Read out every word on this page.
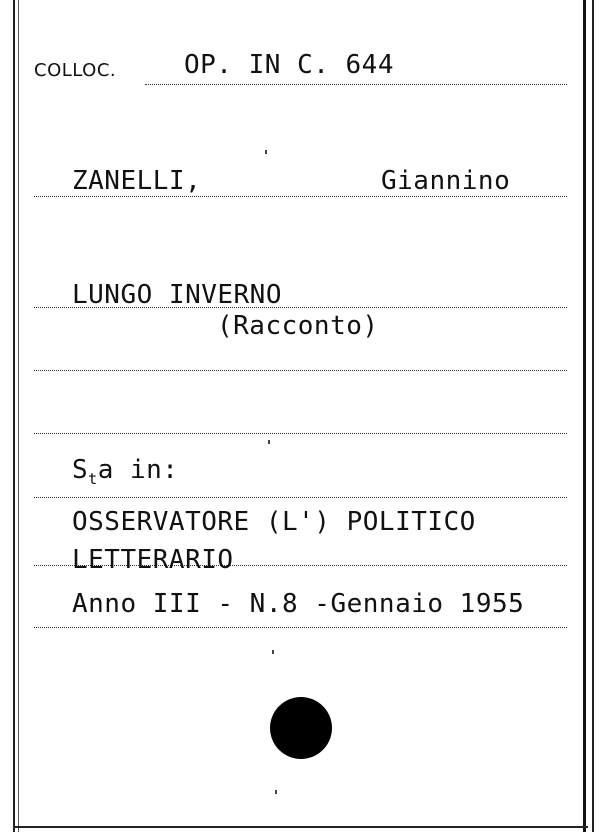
COLLOC.	OP. IN C. 644
ZANELLI,	Giannino
LUNGO INVERNO
(Racconto)
$S_ta$ in:
OSSERVATORE (L') POLITICO
LETTERARIO
Anno III - N.8 -Gennaio 1955
